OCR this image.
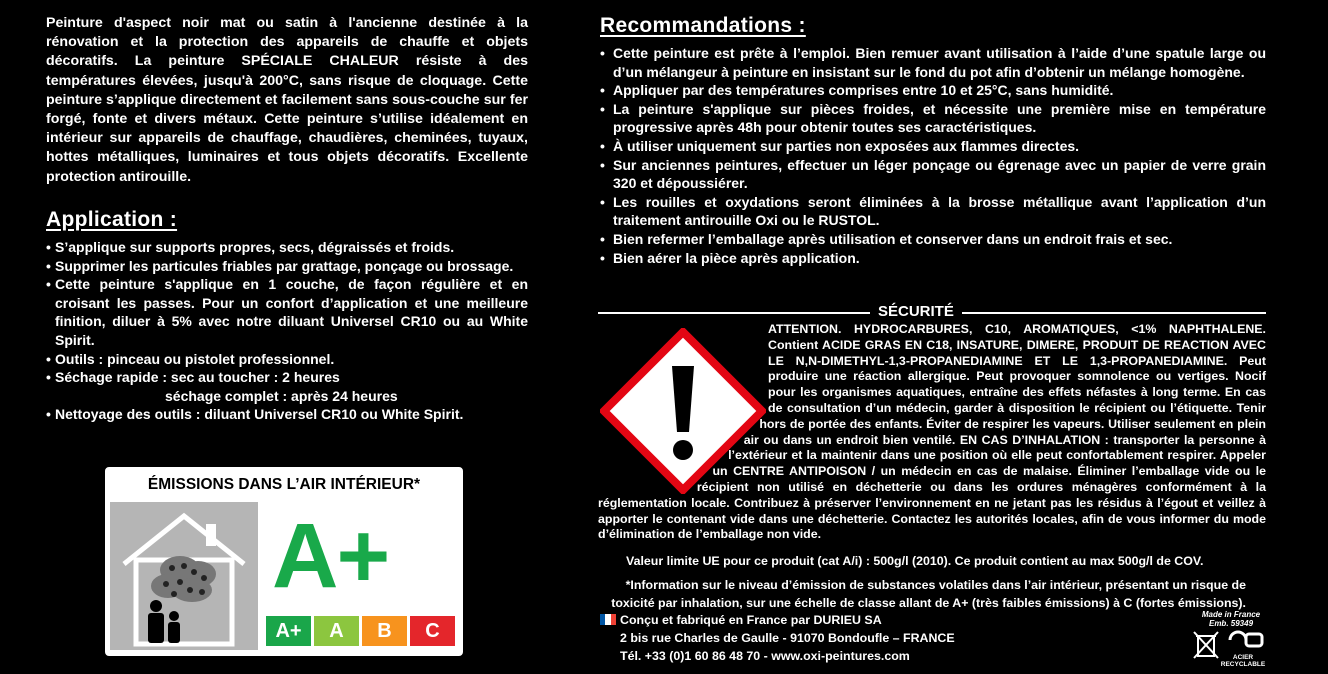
Peinture d'aspect noir mat ou satin à l'ancienne destinée à la rénovation et la protection des appareils de chauffe et objets décoratifs. La peinture SPÉCIALE CHALEUR résiste à des températures élevées, jusqu'à 200°C, sans risque de cloquage. Cette peinture s’applique directement et facilement sans sous-couche sur fer forgé, fonte et divers métaux. Cette peinture s’utilise idéalement en intérieur sur appareils de chauffage, chaudières, cheminées, tuyaux, hottes métalliques, luminaires et tous objets décoratifs. Excellente protection antirouille.

Application :
• S’applique sur supports propres, secs, dégraissés et froids.
• Supprimer les particules friables par grattage, ponçage ou brossage.
• Cette peinture s'applique en 1 couche, de façon régulière et en croisant les passes. Pour un confort d’application et une meilleure finition, diluer à 5% avec notre diluant Universel CR10 ou au White Spirit.
• Outils : pinceau ou pistolet professionnel.
• Séchage rapide : sec au toucher : 2 heures
séchage complet : après 24 heures
• Nettoyage des outils : diluant Universel CR10 ou White Spirit.
ÉMISSIONS DANS L’AIR INTÉRIEUR*
A+
A+	A	B	C
Recommandations :
• Cette peinture est prête à l’emploi. Bien remuer avant utilisation à l’aide d’une spatule large ou d’un mélangeur à peinture en insistant sur le fond du pot afin d’obtenir un mélange homogène.
• Appliquer par des températures comprises entre 10 et 25°C, sans humidité.
• La peinture s'applique sur pièces froides, et nécessite une première mise en température progressive après 48h pour obtenir toutes ses caractéristiques.
• À utiliser uniquement sur parties non exposées aux flammes directes.
• Sur anciennes peintures, effectuer un léger ponçage ou égrenage avec un papier de verre grain 320 et dépoussiérer.
• Les rouilles et oxydations seront éliminées à la brosse métallique avant l’application d’un traitement antirouille Oxi ou le RUSTOL.
• Bien refermer l’emballage après utilisation et conserver dans un endroit frais et sec.
• Bien aérer la pièce après application.
SÉCURITÉ
ATTENTION. HYDROCARBURES, C10, AROMATIQUES, <1% NAPHTHALENE. Contient ACIDE GRAS EN C18, INSATURE, DIMERE, PRODUIT DE REACTION AVEC LE N,N-DIMETHYL-1,3-PROPANEDIAMINE ET LE 1,3-PROPANEDIAMINE. Peut produire une réaction allergique. Peut provoquer somnolence ou vertiges. Nocif pour les organismes aquatiques, entraîne des effets néfastes à long terme. En cas de consultation d’un médecin, garder à disposition le récipient ou l’étiquette. Tenir hors de portée des enfants. Éviter de respirer les vapeurs. Utiliser seulement en plein air ou dans un endroit bien ventilé. EN CAS D’INHALATION : transporter la personne à l’extérieur et la maintenir dans une position où elle peut confortablement respirer. Appeler un CENTRE ANTIPOISON / un médecin en cas de malaise. Éliminer l’emballage vide ou le récipient non utilisé en déchetterie ou dans les ordures ménagères conformément à la réglementation locale. Contribuez à préserver l’environnement en ne jetant pas les résidus à l’égout et veillez à apporter le contenant vide dans une déchetterie. Contactez les autorités locales, afin de vous informer du mode d’élimination de l’emballage non vide.
Valeur limite UE pour ce produit (cat A/i) : 500g/l (2010). Ce produit contient au max 500g/l de COV.
*Information sur le niveau d’émission de substances volatiles dans l’air intérieur, présentant un risque de toxicité par inhalation, sur une échelle de classe allant de A+ (très faibles émissions) à C (fortes émissions).
Conçu et fabriqué en France par DURIEU SA
2 bis rue Charles de Gaulle - 91070 Bondoufle – FRANCE
Tél. +33 (0)1 60 86 48 70 - www.oxi-peintures.com
Made in France
Emb. 59349
ACIER RECYCLABLE
